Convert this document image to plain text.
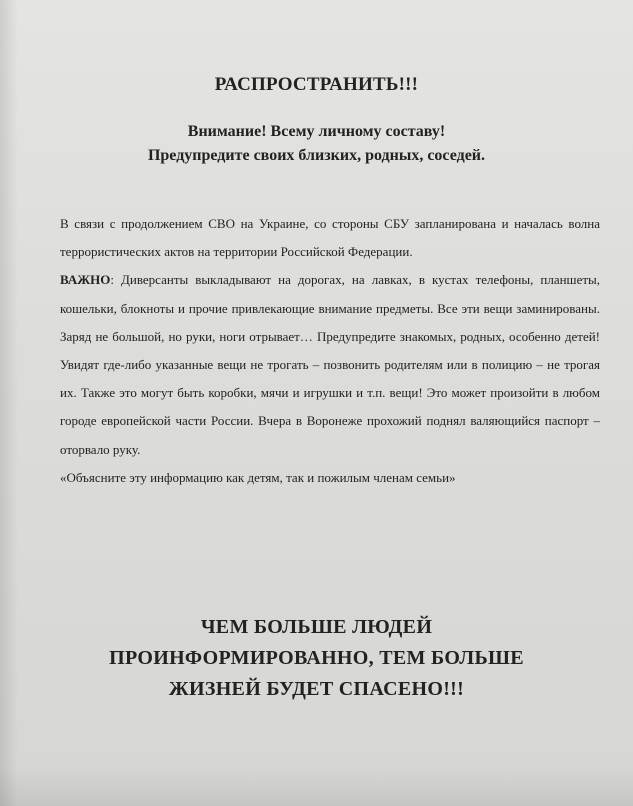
РАСПРОСТРАНИТЬ!!!
Внимание! Всему личному составу!
Предупредите своих близких, родных, соседей.

В связи с продолжением СВО на Украине, со стороны СБУ запланирована и началась волна террористических актов на территории Российской Федерации.

ВАЖНО: Диверсанты выкладывают на дорогах, на лавках, в кустах телефоны, планшеты, кошельки, блокноты и прочие привлекающие внимание предметы. Все эти вещи заминированы. Заряд не большой, но руки, ноги отрывает… Предупредите знакомых, родных, особенно детей! Увидят где-либо указанные вещи не трогать – позвонить родителям или в полицию – не трогая их. Также это могут быть коробки, мячи и игрушки и т.п. вещи! Это может произойти в любом городе европейской части России. Вчера в Воронеже прохожий поднял валяющийся паспорт – оторвало руку.

«Объясните эту информацию как детям, так и пожилым членам семьи»

ЧЕМ БОЛЬШЕ ЛЮДЕЙ
ПРОИНФОРМИРОВАННО, ТЕМ БОЛЬШЕ
ЖИЗНЕЙ БУДЕТ СПАСЕНО!!!
